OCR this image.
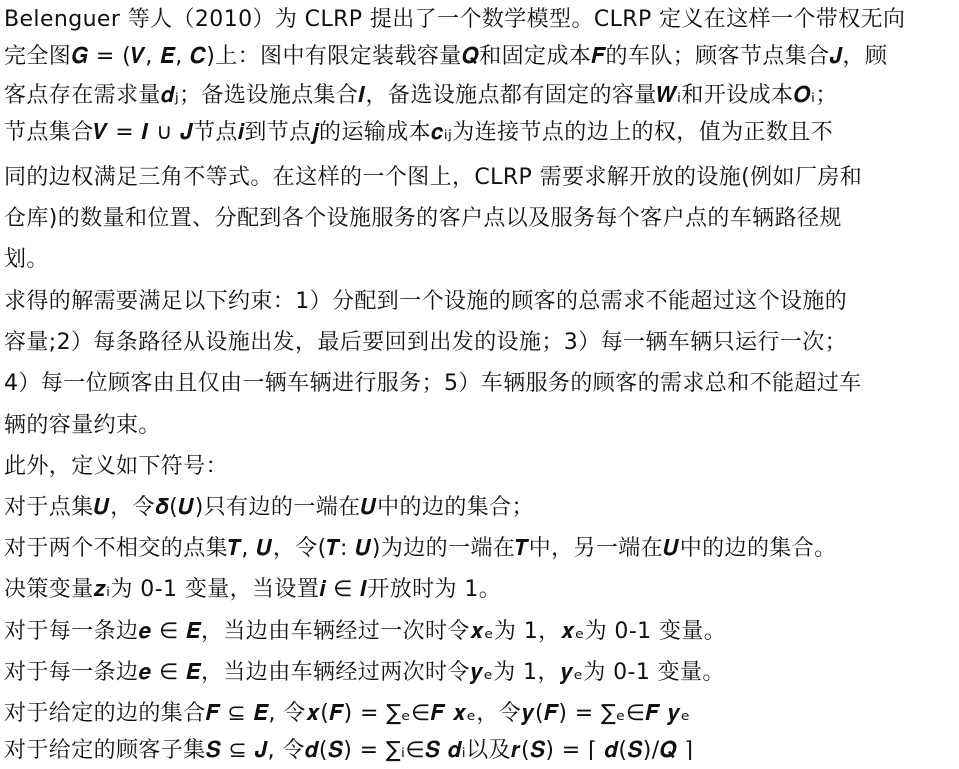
Belenguer 等人（2010）为 CLRP 提出了一个数学模型。CLRP 定义在这样一个带权无向
完全图𝑮 = (𝑽, 𝑬, 𝑪)上：图中有限定装载容量𝑸和固定成本𝑭的车队；顾客节点集合𝑱，顾
客点存在需求量𝒅ⱼ；备选设施点集合𝑰，备选设施点都有固定的容量𝑾ᵢ和开设成本𝑶ᵢ；
节点集合𝑽 = 𝑰 ∪ 𝑱节点𝒊到节点𝒋的运输成本𝒄ᵢⱼ为连接节点的边上的权，值为正数且不
同的边权满足三角不等式。在这样的一个图上，CLRP 需要求解开放的设施(例如厂房和
仓库)的数量和位置、分配到各个设施服务的客户点以及服务每个客户点的车辆路径规
划。
求得的解需要满足以下约束：1）分配到一个设施的顾客的总需求不能超过这个设施的
容量;2）每条路径从设施出发，最后要回到出发的设施；3）每一辆车辆只运行一次；
4）每一位顾客由且仅由一辆车辆进行服务；5）车辆服务的顾客的需求总和不能超过车
辆的容量约束。
此外，定义如下符号：
对于点集𝑼，令𝜹(𝑼)只有边的一端在𝑼中的边的集合；
对于两个不相交的点集𝑻, 𝑼，令(𝑻: 𝑼)为边的一端在𝑻中，另一端在𝑼中的边的集合。
决策变量𝒛ᵢ为 0-1 变量，当设置𝒊 ∈ 𝑰开放时为 1。
对于每一条边𝒆 ∈ 𝑬，当边由车辆经过一次时令𝒙ₑ为 1，𝒙ₑ为 0-1 变量。
对于每一条边𝒆 ∈ 𝑬，当边由车辆经过两次时令𝒚ₑ为 1，𝒚ₑ为 0-1 变量。
对于给定的边的集合𝑭 ⊆ 𝑬, 令𝒙(𝑭) = ∑ₑ∈𝑭 𝒙ₑ，令𝒚(𝑭) = ∑ₑ∈𝑭 𝒚ₑ
对于给定的顾客子集𝑺 ⊆ 𝑱, 令𝒅(𝑺) = ∑ᵢ∈𝑺 𝒅ᵢ以及𝒓(𝑺) = ⌈ 𝒅(𝑺)/𝑸 ⌉
